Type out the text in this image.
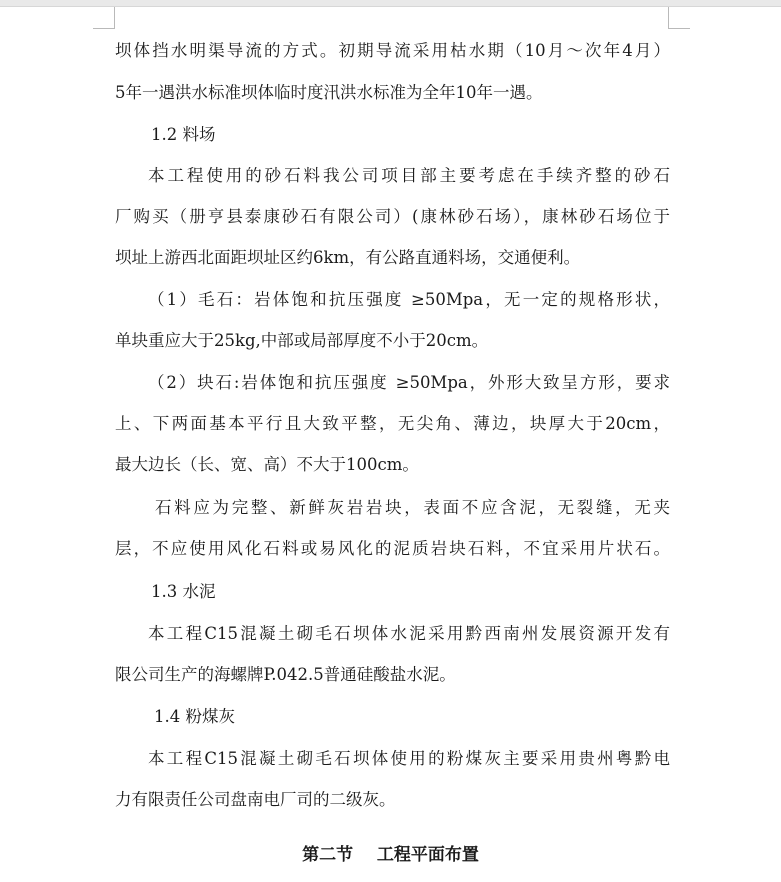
坝体挡水明渠导流的方式。初期导流采用枯水期（10月～次年4月）

5年一遇洪水标准坝体临时度汛洪水标准为全年10年一遇。

1.2 料场

本工程使用的砂石料我公司项目部主要考虑在手续齐整的砂石

厂购买（册亨县泰康砂石有限公司）(康林砂石场），康林砂石场位于

坝址上游西北面距坝址区约6km，有公路直通料场，交通便利。

（1）毛石：岩体饱和抗压强度 ≥50Mpa，无一定的规格形状，

单块重应大于25kg,中部或局部厚度不小于20cm。

（2）块石:岩体饱和抗压强度 ≥50Mpa，外形大致呈方形，要求

上、下两面基本平行且大致平整，无尖角、薄边，块厚大于20cm，

最大边长（长、宽、高）不大于100cm。

石料应为完整、新鲜灰岩岩块，表面不应含泥，无裂缝，无夹

层，不应使用风化石料或易风化的泥质岩块石料，不宜采用片状石。

1.3 水泥

本工程C15混凝土砌毛石坝体水泥采用黔西南州发展资源开发有

限公司生产的海螺牌P.042.5普通硅酸盐水泥。

1.4 粉煤灰

本工程C15混凝土砌毛石坝体使用的粉煤灰主要采用贵州粤黔电

力有限责任公司盘南电厂司的二级灰。

第二节    工程平面布置
